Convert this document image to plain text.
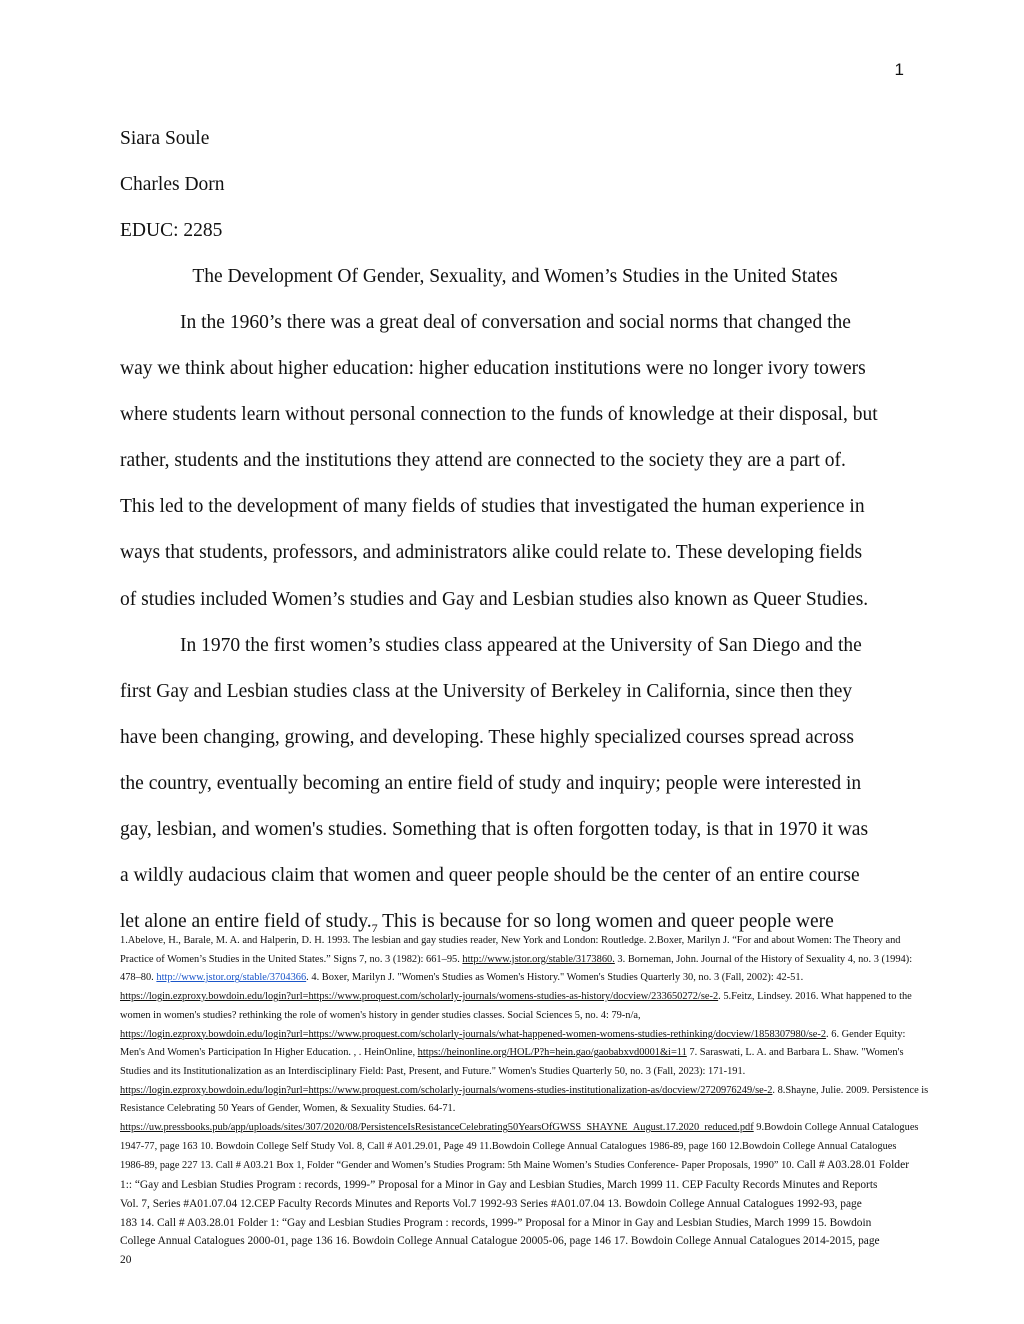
1

Siara Soule

Charles Dorn

EDUC: 2285

The Development Of Gender, Sexuality, and Women’s Studies in the United States

In the 1960’s there was a great deal of conversation and social norms that changed the

way we think about higher education: higher education institutions were no longer ivory towers

where students learn without personal connection to the funds of knowledge at their disposal, but

rather, students and the institutions they attend are connected to the society they are a part of.

This led to the development of many fields of studies that investigated the human experience in

ways that students, professors, and administrators alike could relate to. These developing fields

of studies included Women’s studies and Gay and Lesbian studies also known as Queer Studies.

In 1970 the first women’s studies class appeared at the University of San Diego and the

first Gay and Lesbian studies class at the University of Berkeley in California, since then they

have been changing, growing, and developing. These highly specialized courses spread across

the country, eventually becoming an entire field of study and inquiry; people were interested in

gay, lesbian, and women's studies. Something that is often forgotten today, is that in 1970 it was

a wildly audacious claim that women and queer people should be the center of an entire course

let alone an entire field of $study._7$ This is because for so long women and queer people were

1.Abelove, H., Barale, M. A. and Halperin, D. H. 1993. The lesbian and gay studies reader, New York and London: Routledge. 2.Boxer, Marilyn J. “For and about Women: The Theory and

Practice of Women’s Studies in the United States.” Signs 7, no. 3 (1982): 661–95. http://www.jstor.org/stable/3173860. 3. Borneman, John. Journal of the History of Sexuality 4, no. 3 (1994):

478–80. http://www.jstor.org/stable/3704366. 4. Boxer, Marilyn J. "Women's Studies as Women's History." Women's Studies Quarterly 30, no. 3 (Fall, 2002): 42-51.

https://login.ezproxy.bowdoin.edu/login?url=https://www.proquest.com/scholarly-journals/womens-studies-as-history/docview/233650272/se-2. 5.Feitz, Lindsey. 2016. What happened to the

women in women's studies? rethinking the role of women's history in gender studies classes. Social Sciences 5, no. 4: 79-n/a,

https://login.ezproxy.bowdoin.edu/login?url=https://www.proquest.com/scholarly-journals/what-happened-women-womens-studies-rethinking/docview/1858307980/se-2. 6. Gender Equity:

Men's And Women's Participation In Higher Education. , . HeinOnline, https://heinonline.org/HOL/P?h=hein.gao/gaobabxvd0001&i=11 7. Saraswati, L. A. and Barbara L. Shaw. "Women's

Studies and its Institutionalization as an Interdisciplinary Field: Past, Present, and Future." Women's Studies Quarterly 50, no. 3 (Fall, 2023): 171-191.

https://login.ezproxy.bowdoin.edu/login?url=https://www.proquest.com/scholarly-journals/womens-studies-institutionalization-as/docview/2720976249/se-2. 8.Shayne, Julie. 2009. Persistence is

Resistance Celebrating 50 Years of Gender, Women, & Sexuality Studies. 64-71.

https://uw.pressbooks.pub/app/uploads/sites/307/2020/08/PersistenceIsResistanceCelebrating50YearsOfGWSS_SHAYNE_August.17.2020_reduced.pdf 9.Bowdoin College Annual Catalogues

1947-77, page 163 10. Bowdoin College Self Study Vol. 8, Call # A01.29.01, Page 49 11.Bowdoin College Annual Catalogues 1986-89, page 160 12.Bowdoin College Annual Catalogues

1986-89, page 227 13. Call # A03.21 Box 1, Folder “Gender and Women’s Studies Program: 5th Maine Women’s Studies Conference- Paper Proposals, 1990” 10. Call # A03.28.01 Folder

1:: “Gay and Lesbian Studies Program : records, 1999-” Proposal for a Minor in Gay and Lesbian Studies, March 1999 11. CEP Faculty Records Minutes and Reports

Vol. 7, Series #A01.07.04 12.CEP Faculty Records Minutes and Reports Vol.7 1992-93 Series #A01.07.04 13. Bowdoin College Annual Catalogues 1992-93, page

183 14. Call # A03.28.01 Folder 1: “Gay and Lesbian Studies Program : records, 1999-” Proposal for a Minor in Gay and Lesbian Studies, March 1999 15. Bowdoin

College Annual Catalogues 2000-01, page 136 16. Bowdoin College Annual Catalogue 20005-06, page 146 17. Bowdoin College Annual Catalogues 2014-2015, page

20
